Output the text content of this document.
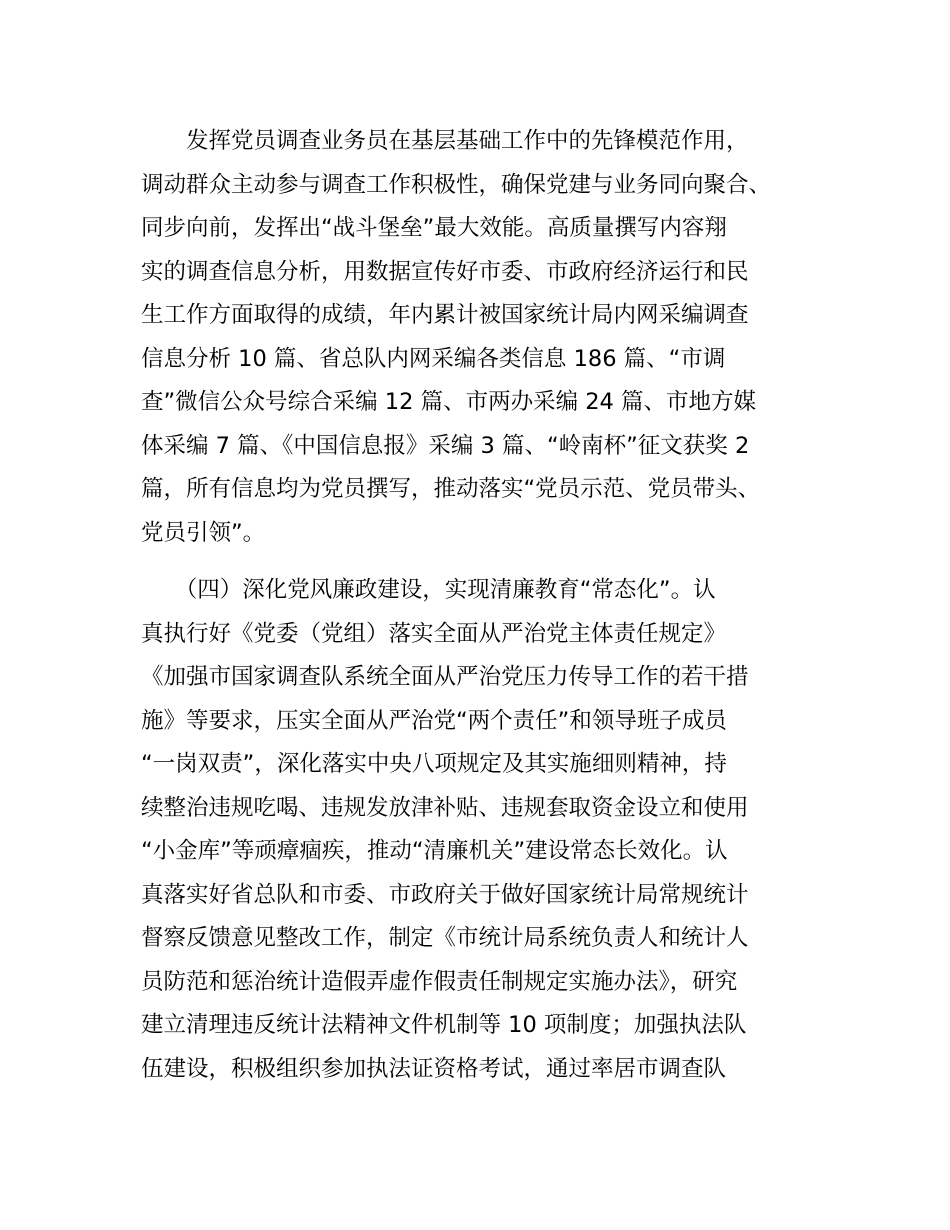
　　发挥党员调查业务员在基层基础工作中的先锋模范作用，
调动群众主动参与调查工作积极性，确保党建与业务同向聚合、
同步向前，发挥出“战斗堡垒”最大效能。高质量撰写内容翔
实的调查信息分析，用数据宣传好市委、市政府经济运行和民
生工作方面取得的成绩，年内累计被国家统计局内网采编调查
信息分析 10 篇、省总队内网采编各类信息 186 篇、“市调
查”微信公众号综合采编 12 篇、市两办采编 24 篇、市地方媒
体采编 7 篇、《中国信息报》采编 3 篇、“岭南杯”征文获奖 2
篇，所有信息均为党员撰写，推动落实“党员示范、党员带头、
党员引领”。
　　（四）深化党风廉政建设，实现清廉教育“常态化”。认
真执行好《党委（党组）落实全面从严治党主体责任规定》
《加强市国家调查队系统全面从严治党压力传导工作的若干措
施》等要求，压实全面从严治党“两个责任”和领导班子成员
“一岗双责”，深化落实中央八项规定及其实施细则精神，持
续整治违规吃喝、违规发放津补贴、违规套取资金设立和使用
“小金库”等顽瘴痼疾，推动“清廉机关”建设常态长效化。认
真落实好省总队和市委、市政府关于做好国家统计局常规统计
督察反馈意见整改工作，制定《市统计局系统负责人和统计人
员防范和惩治统计造假弄虚作假责任制规定实施办法》，研究
建立清理违反统计法精神文件机制等 10 项制度；加强执法队
伍建设，积极组织参加执法证资格考试，通过率居市调查队
